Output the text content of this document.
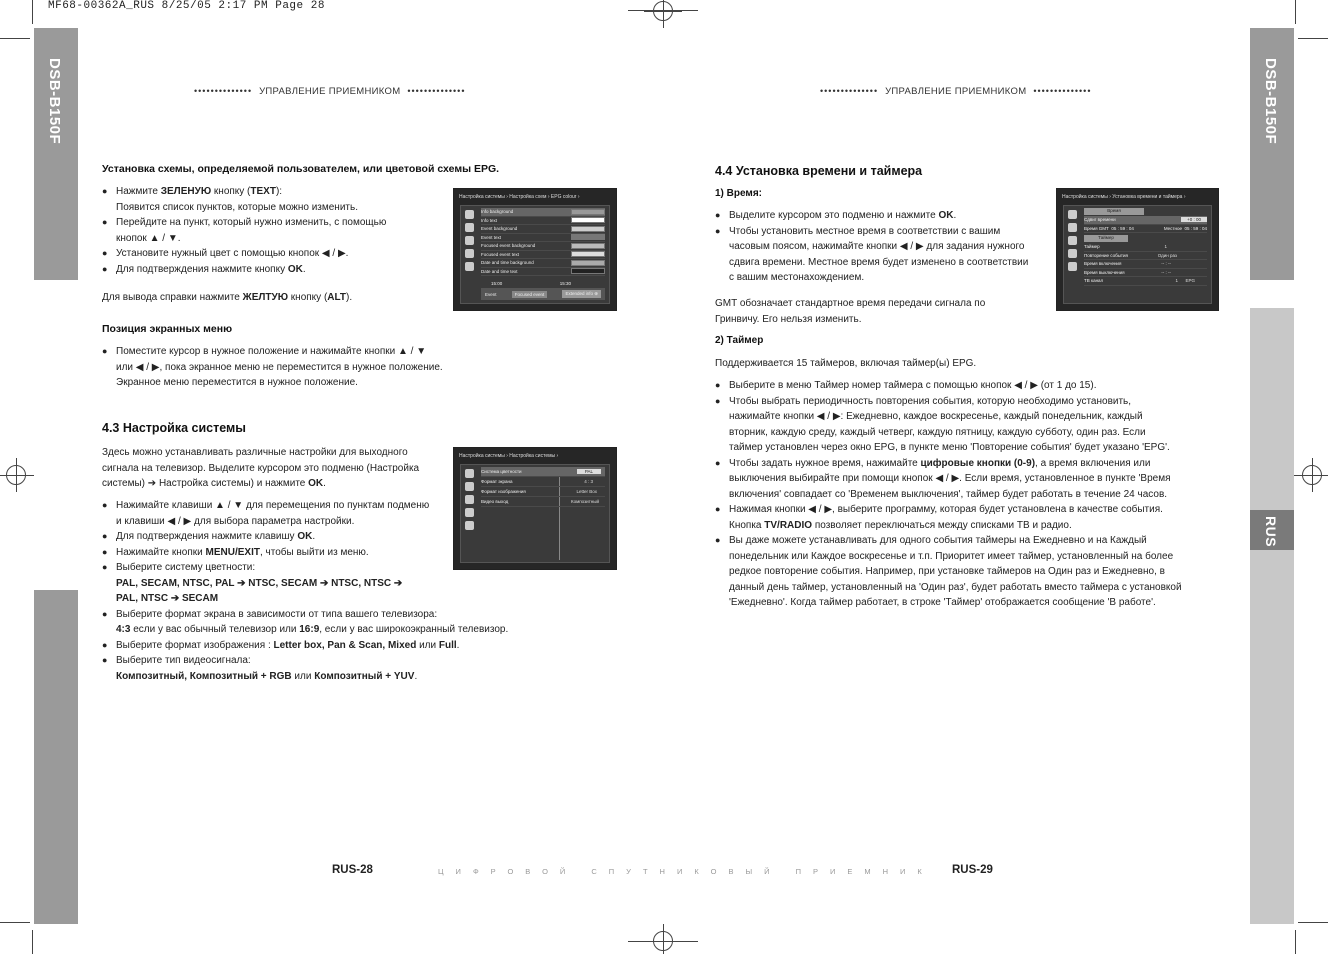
MF68-00362A_RUS 8/25/05 2:17 PM Page 28
DSB-B150F	DSB-B150F
RUS
•••••••••••••• УПРАВЛЕНИЕ ПРИЕМНИКОМ ••••••••••••••	•••••••••••••• УПРАВЛЕНИЕ ПРИЕМНИКОМ ••••••••••••••
Установка схемы, определяемой пользователем, или цветовой схемы EPG.
● Нажмите ЗЕЛЕНУЮ кнопку (TEXT):
Появится список пунктов, которые можно изменить.
● Перейдите на пункт, который нужно изменить, с помощью
кнопок ▲ / ▼.
● Установите нужный цвет с помощью кнопок ◀ / ▶.
● Для подтверждения нажмите кнопку OK.
Для вывода справки нажмите ЖЕЛТУЮ кнопку (ALT).
Настройка системы › Настройка схем › EPG colour ›
Info background
Info text
Event background
Event text
Focused event background
Focused event text
Date and time background
Date and time text
15:00	15:30
Event	Focused event	Extended info ⊕
Позиция экранных меню
● Поместите курсор в нужное положение и нажимайте кнопки ▲ / ▼
или ◀ / ▶, пока экранное меню не переместится в нужное положение.
Экранное меню переместится в нужное положение.
4.3 Настройка системы
Здесь можно устанавливать различные настройки для выходного
сигнала на телевизор. Выделите курсором это подменю (Настройка
системы) ➔ Настройка системы) и нажмите OK.
Настройка системы › Настройка системы ›
Система цветности	PAL
Формат экрана	4 : 3
Формат изображения	Letter Box
Видео выход	Композитный
● Нажимайте клавиши ▲ / ▼ для перемещения по пунктам подменю
и клавиши ◀ / ▶ для выбора параметра настройки.
● Для подтверждения нажмите клавишу OK.
● Нажимайте кнопки MENU/EXIT, чтобы выйти из меню.
● Выберите систему цветности:
PAL, SECAM, NTSC, PAL ➔ NTSC, SECAM ➔ NTSC, NTSC ➔
PAL, NTSC ➔ SECAM
● Выберите формат экрана в зависимости от типа вашего телевизора:
4:3 если у вас обычный телевизор или 16:9, если у вас широкоэкранный телевизор.
● Выберите формат изображения : Letter box, Pan & Scan, Mixed или Full.
● Выберите тип видеосигнала:
Композитный, Композитный + RGB или Композитный + YUV.
RUS-28	ЦИФРОВОЙ СПУТНИКОВЫЙ ПРИЕМНИК RUS-29
4.4 Установка времени и таймера
1) Время:
● Выделите курсором это подменю и нажмите OK.
● Чтобы установить местное время в соответствии с вашим
часовым поясом, нажимайте кнопки ◀ / ▶ для задания нужного
сдвига времени. Местное время будет изменено в соответствии
с вашим местонахождением.
GMT обозначает стандартное время передачи сигнала по
Гринвичу. Его нельзя изменить.
Настройка системы › Установка времени и таймера ›
Время
Сдвиг времени	+0 : 00
Время GMT 05 : 59 : 04	Местное 05 : 59 : 04
Таймер
Таймер	1
Повторение события	Один раз
Время включения	-- : --
Время выключения	-- : --
ТВ канал	1      EPG
2) Таймер
Поддерживается 15 таймеров, включая таймер(ы) EPG.
● Выберите в меню Таймер номер таймера с помощью кнопок ◀ / ▶ (от 1 до 15).
● Чтобы выбрать периодичность повторения события, которую необходимо установить,
нажимайте кнопки ◀ / ▶: Ежедневно, каждое воскресенье, каждый понедельник, каждый
вторник, каждую среду, каждый четверг, каждую пятницу, каждую субботу, один раз. Если
таймер установлен через окно EPG, в пункте меню 'Повторение события' будет указано 'EPG'.
● Чтобы задать нужное время, нажимайте цифровые кнопки (0-9), а время включения или
выключения выбирайте при помощи кнопок ◀ / ▶. Если время, установленное в пункте 'Время
включения' совпадает со 'Временем выключения', таймер будет работать в течение 24 часов.
● Нажимая кнопки ◀ / ▶, выберите программу, которая будет установлена в качестве события.
Кнопка TV/RADIO позволяет переключаться между списками ТВ и радио.
● Вы даже можете устанавливать для одного события таймеры на Ежедневно и на Каждый
понедельник или Каждое воскресенье и т.п. Приоритет имеет таймер, установленный на более
редкое повторение события. Например, при установке таймеров на Один раз и Ежедневно, в
данный день таймер, установленный на 'Один раз', будет работать вместо таймера с установкой
'Ежедневно'. Когда таймер работает, в строке 'Таймер' отображается сообщение 'В работе'.
